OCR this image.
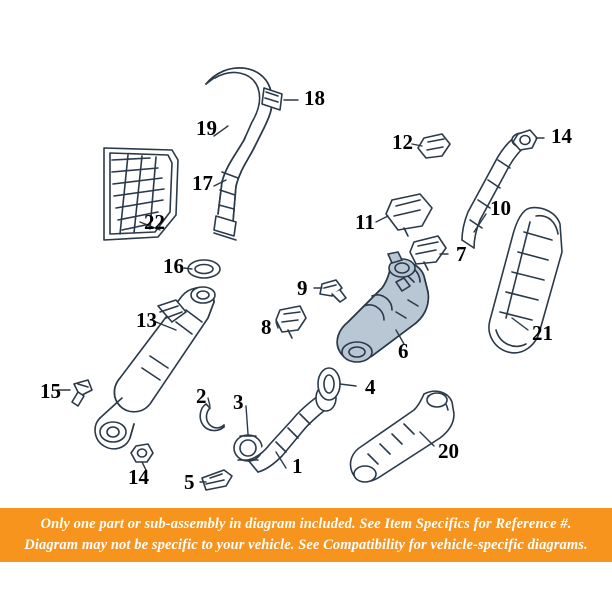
1
2 3
4
5
6
7
8
9
10
11
12
13
14
14
15
16
17
18
19
20
21
22
Only one part or sub-assembly in diagram included. See Item Specifics for Reference #.
Diagram may not be specific to your vehicle. See Compatibility for vehicle-specific diagrams.
